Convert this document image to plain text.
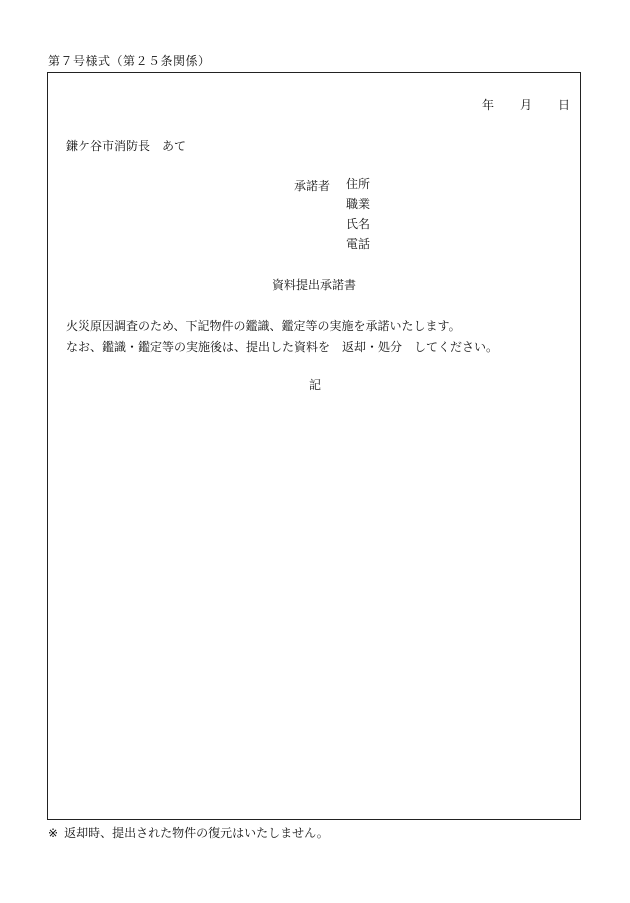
第７号様式（第２５条関係）
年 月 日
鎌ケ谷市消防長 あて
承諾者 住所
職業
氏名
電話
資料提出承諾書
火災原因調査のため、下記物件の鑑識、鑑定等の実施を承諾いたします。
なお、鑑識・鑑定等の実施後は、提出した資料を 返却・処分 してください。
記
※ 返却時、提出された物件の復元はいたしません。
